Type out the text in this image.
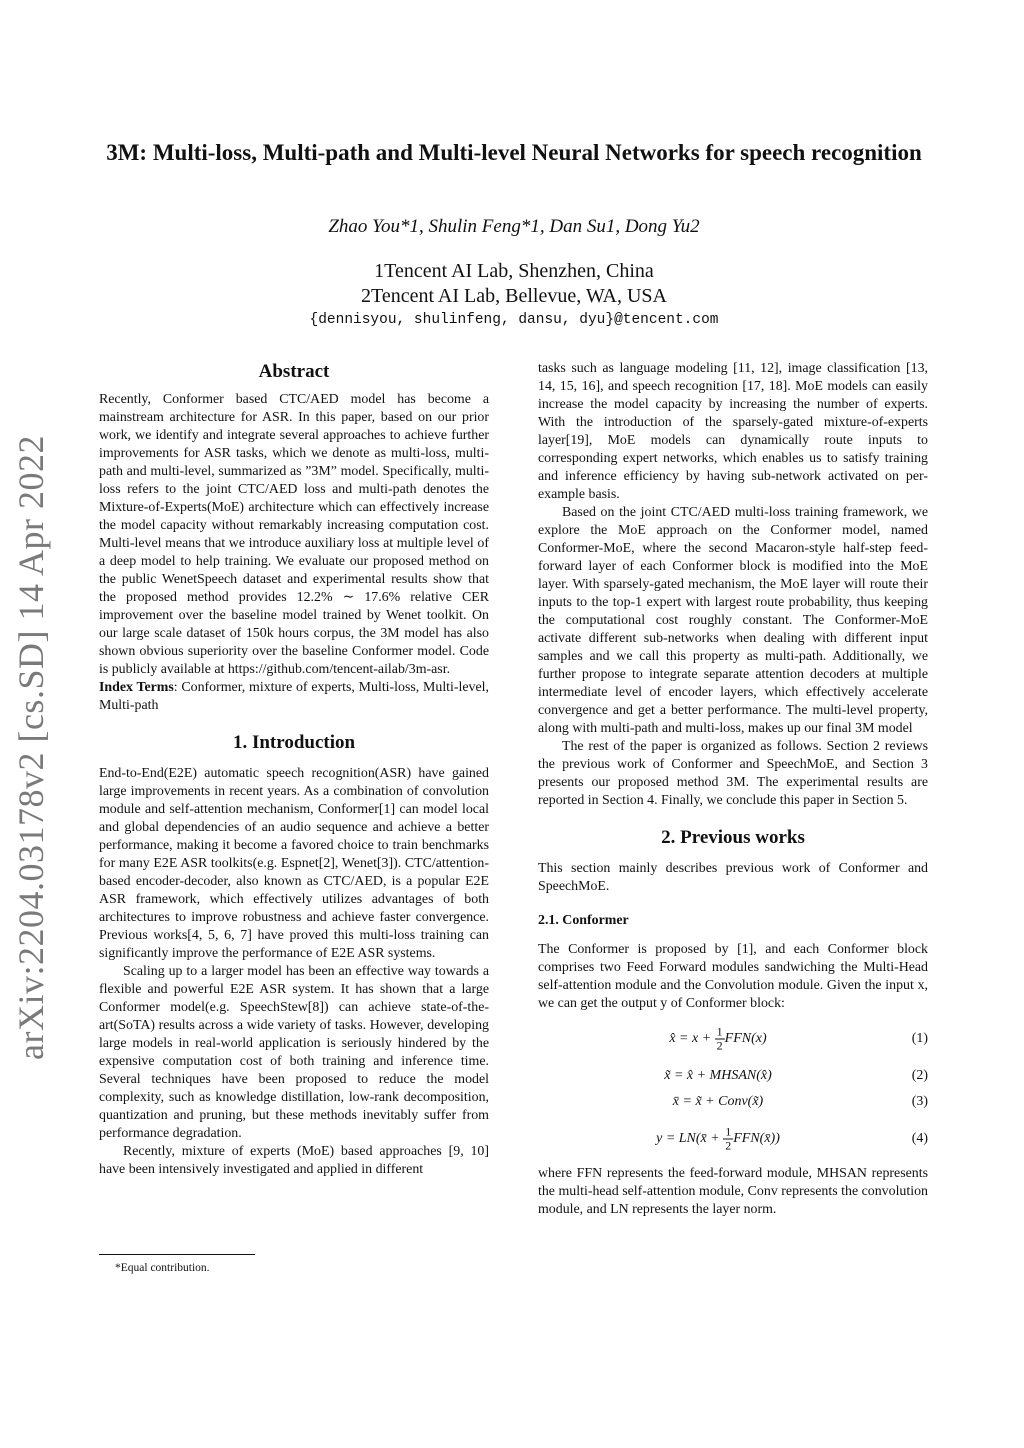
arXiv:2204.03178v2 [cs.SD] 14 Apr 2022
3M: Multi-loss, Multi-path and Multi-level Neural Networks for speech recognition
Zhao You*1, Shulin Feng*1, Dan Su1, Dong Yu2
1Tencent AI Lab, Shenzhen, China
2Tencent AI Lab, Bellevue, WA, USA
{dennisyou, shulinfeng, dansu, dyu}@tencent.com
Abstract

Recently, Conformer based CTC/AED model has become a mainstream architecture for ASR. In this paper, based on our prior work, we identify and integrate several approaches to achieve further improvements for ASR tasks, which we denote as multi-loss, multi-path and multi-level, summarized as ”3M” model. Specifically, multi-loss refers to the joint CTC/AED loss and multi-path denotes the Mixture-of-Experts(MoE) architecture which can effectively increase the model capacity without remarkably increasing computation cost. Multi-level means that we introduce auxiliary loss at multiple level of a deep model to help training. We evaluate our proposed method on the public WenetSpeech dataset and experimental results show that the proposed method provides 12.2% ∼ 17.6% relative CER improvement over the baseline model trained by Wenet toolkit. On our large scale dataset of 150k hours corpus, the 3M model has also shown obvious superiority over the baseline Conformer model. Code is publicly available at https://github.com/tencent-ailab/3m-asr.

Index Terms: Conformer, mixture of experts, Multi-loss, Multi-level, Multi-path

1. Introduction

End-to-End(E2E) automatic speech recognition(ASR) have gained large improvements in recent years. As a combination of convolution module and self-attention mechanism, Conformer[1] can model local and global dependencies of an audio sequence and achieve a better performance, making it become a favored choice to train benchmarks for many E2E ASR toolkits(e.g. Espnet[2], Wenet[3]). CTC/attention-based encoder-decoder, also known as CTC/AED, is a popular E2E ASR framework, which effectively utilizes advantages of both architectures to improve robustness and achieve faster convergence. Previous works[4, 5, 6, 7] have proved this multi-loss training can significantly improve the performance of E2E ASR systems.

Scaling up to a larger model has been an effective way towards a flexible and powerful E2E ASR system. It has shown that a large Conformer model(e.g. SpeechStew[8]) can achieve state-of-the-art(SoTA) results across a wide variety of tasks. However, developing large models in real-world application is seriously hindered by the expensive computation cost of both training and inference time. Several techniques have been proposed to reduce the model complexity, such as knowledge distillation, low-rank decomposition, quantization and pruning, but these methods inevitably suffer from performance degradation.

Recently, mixture of experts (MoE) based approaches [9, 10] have been intensively investigated and applied in different

*Equal contribution.

tasks such as language modeling [11, 12], image classification [13, 14, 15, 16], and speech recognition [17, 18]. MoE models can easily increase the model capacity by increasing the number of experts. With the introduction of the sparsely-gated mixture-of-experts layer[19], MoE models can dynamically route inputs to corresponding expert networks, which enables us to satisfy training and inference efficiency by having sub-network activated on per-example basis.

Based on the joint CTC/AED multi-loss training framework, we explore the MoE approach on the Conformer model, named Conformer-MoE, where the second Macaron-style half-step feed-forward layer of each Conformer block is modified into the MoE layer. With sparsely-gated mechanism, the MoE layer will route their inputs to the top-1 expert with largest route probability, thus keeping the computational cost roughly constant. The Conformer-MoE activate different sub-networks when dealing with different input samples and we call this property as multi-path. Additionally, we further propose to integrate separate attention decoders at multiple intermediate level of encoder layers, which effectively accelerate convergence and get a better performance. The multi-level property, along with multi-path and multi-loss, makes up our final 3M model

The rest of the paper is organized as follows. Section 2 reviews the previous work of Conformer and SpeechMoE, and Section 3 presents our proposed method 3M. The experimental results are reported in Section 4. Finally, we conclude this paper in Section 5.

2. Previous works

This section mainly describes previous work of Conformer and SpeechMoE.

2.1. Conformer

The Conformer is proposed by [1], and each Conformer block comprises two Feed Forward modules sandwiching the Multi-Head self-attention module and the Convolution module. Given the input x, we can get the output y of Conformer block:

x̂ = $x + \frac{1}{2} FFN(x)$	(1)
x̃ = x̂ + MHSAN(x̂)	(2)
x̄ = x̃ + Conv(x̃)	(3)
y = LN(x̄ + $\frac{1}{2}$ FFN(x̄))	(4)

where FFN represents the feed-forward module, MHSAN represents the multi-head self-attention module, Conv represents the convolution module, and LN represents the layer norm.
